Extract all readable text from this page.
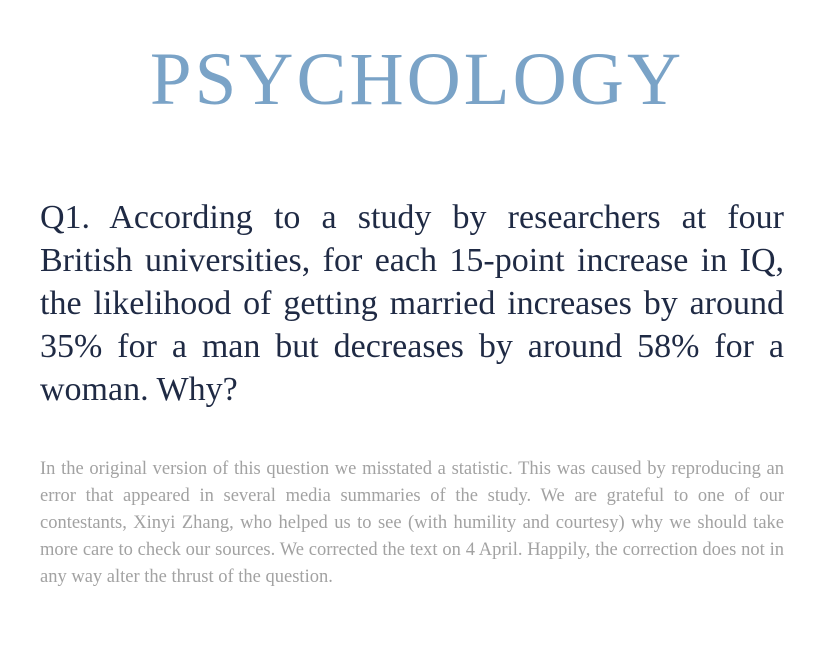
PSYCHOLOGY

Q1. According to a study by researchers at four British universities, for each 15-point increase in IQ, the likelihood of getting married increases by around 35% for a man but decreases by around 58% for a woman. Why?

In the original version of this question we misstated a statistic. This was caused by reproducing an error that appeared in several media summaries of the study. We are grateful to one of our contestants, Xinyi Zhang, who helped us to see (with humility and courtesy) why we should take more care to check our sources. We corrected the text on 4 April. Happily, the correction does not in any way alter the thrust of the question.
